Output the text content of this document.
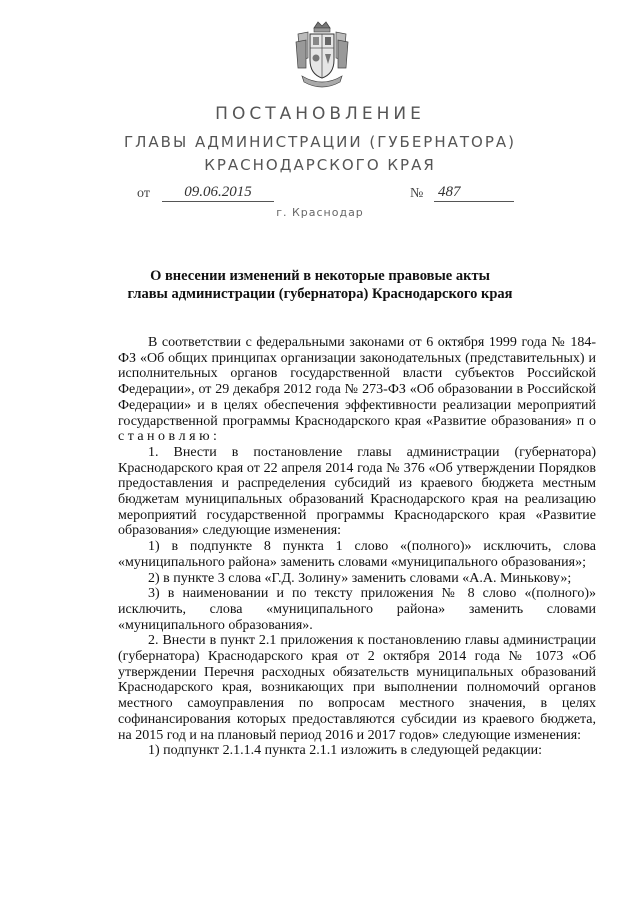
ПОСТАНОВЛЕНИЕ
ГЛАВЫ АДМИНИСТРАЦИИ (ГУБЕРНАТОРА)
КРАСНОДАРСКОГО КРАЯ
от	09.06.2015	№ 487
г. Краснодар
О внесении изменений в некоторые правовые акты
главы администрации (губернатора) Краснодарского края

В соответствии с федеральными законами от 6 октября 1999 года № 184-ФЗ «Об общих принципах организации законодательных (представительных) и исполнительных органов государственной власти субъектов Российской Федерации», от 29 декабря 2012 года № 273-ФЗ «Об образовании в Российской Федерации» и в целях обеспечения эффективности реализации мероприятий государственной программы Краснодарского края «Развитие образования» п о с т а н о в л я ю :

1. Внести в постановление главы администрации (губернатора) Краснодарского края от 22 апреля 2014 года № 376 «Об утверждении Порядков предоставления и распределения субсидий из краевого бюджета местным бюджетам муниципальных образований Краснодарского края на реализацию мероприятий государственной программы Краснодарского края «Развитие образования» следующие изменения:

1) в подпункте 8 пункта 1 слово «(полного)» исключить, слова «муниципального района» заменить словами «муниципального образования»;

2) в пункте 3 слова «Г.Д. Золину» заменить словами «А.А. Минькову»;

3) в наименовании и по тексту приложения № 8 слово «(полного)» исключить, слова «муниципального района» заменить словами «муниципального образования».

2. Внести в пункт 2.1 приложения к постановлению главы администрации (губернатора) Краснодарского края от 2 октября 2014 года № 1073 «Об утверждении Перечня расходных обязательств муниципальных образований Краснодарского края, возникающих при выполнении полномочий органов местного самоуправления по вопросам местного значения, в целях софинансирования которых предоставляются субсидии из краевого бюджета, на 2015 год и на плановый период 2016 и 2017 годов» следующие изменения:

1) подпункт 2.1.1.4 пункта 2.1.1 изложить в следующей редакции:
